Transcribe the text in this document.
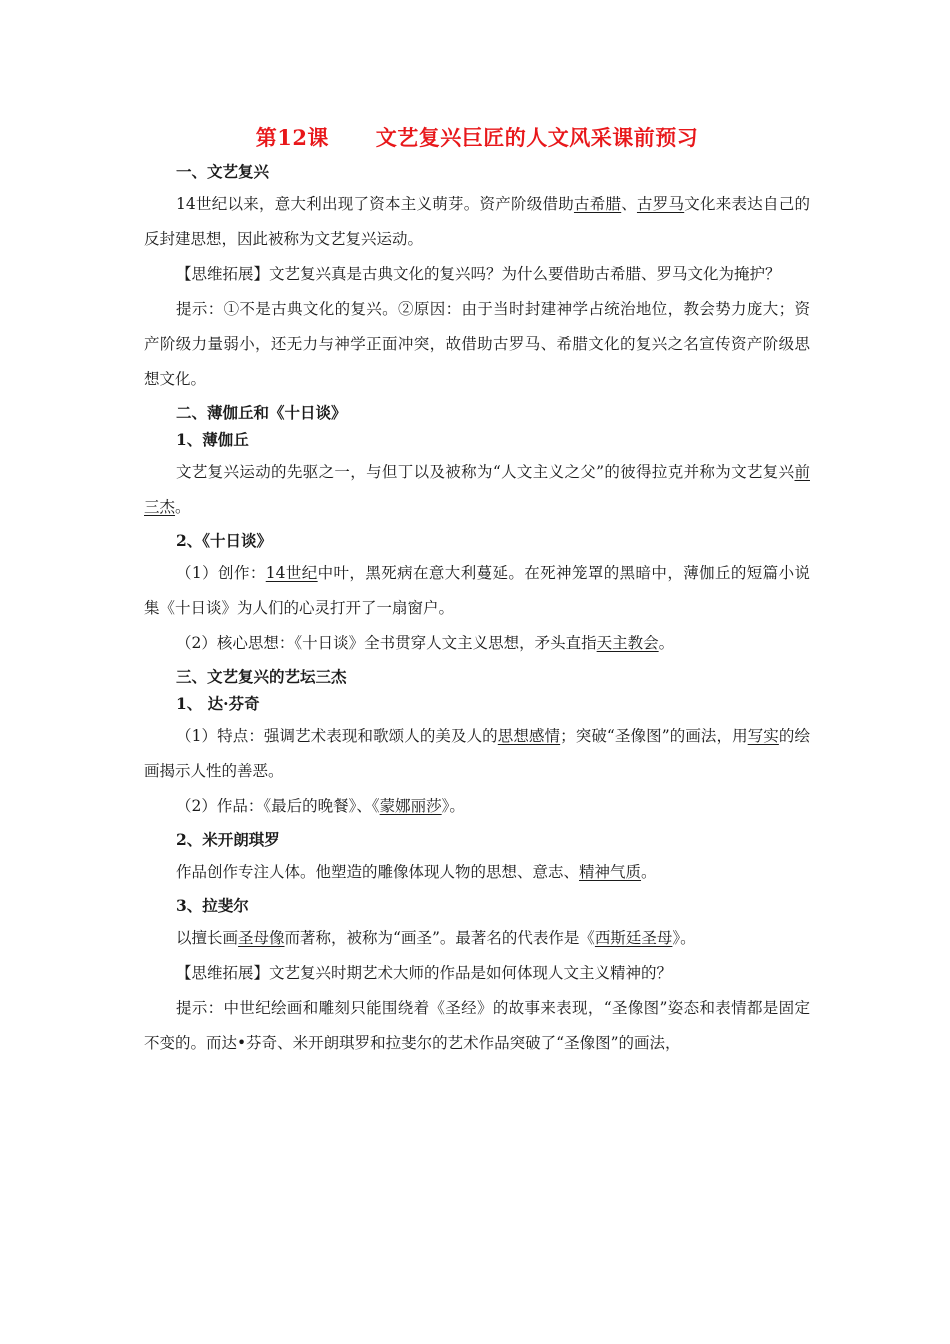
第12课      文艺复兴巨匠的人文风采课前预习
一、文艺复兴

14世纪以来，意大利出现了资本主义萌芽。资产阶级借助古希腊、古罗马文化来表达自己的反封建思想，因此被称为文艺复兴运动。

【思维拓展】文艺复兴真是古典文化的复兴吗？为什么要借助古希腊、罗马文化为掩护？

提示：①不是古典文化的复兴。②原因：由于当时封建神学占统治地位，教会势力庞大；资产阶级力量弱小，还无力与神学正面冲突，故借助古罗马、希腊文化的复兴之名宣传资产阶级思想文化。

二、薄伽丘和《十日谈》
1、薄伽丘

文艺复兴运动的先驱之一，与但丁以及被称为“人文主义之父”的彼得拉克并称为文艺复兴前三杰。

2、《十日谈》

（1）创作：14世纪中叶，黑死病在意大利蔓延。在死神笼罩的黑暗中，薄伽丘的短篇小说集《十日谈》为人们的心灵打开了一扇窗户。

（2）核心思想：《十日谈》全书贯穿人文主义思想，矛头直指天主教会。

三、文艺复兴的艺坛三杰
1、 达·芬奇

（1）特点：强调艺术表现和歌颂人的美及人的思想感情；突破“圣像图”的画法，用写实的绘画揭示人性的善恶。

（2）作品：《最后的晚餐》、《蒙娜丽莎》。

2、米开朗琪罗

作品创作专注人体。他塑造的雕像体现人物的思想、意志、精神气质。

3、拉斐尔

以擅长画圣母像而著称，被称为“画圣”。最著名的代表作是《西斯廷圣母》。

【思维拓展】文艺复兴时期艺术大师的作品是如何体现人文主义精神的？

提示：中世纪绘画和雕刻只能围绕着《圣经》的故事来表现，“圣像图”姿态和表情都是固定不变的。而达•芬奇、米开朗琪罗和拉斐尔的艺术作品突破了“圣像图”的画法，
